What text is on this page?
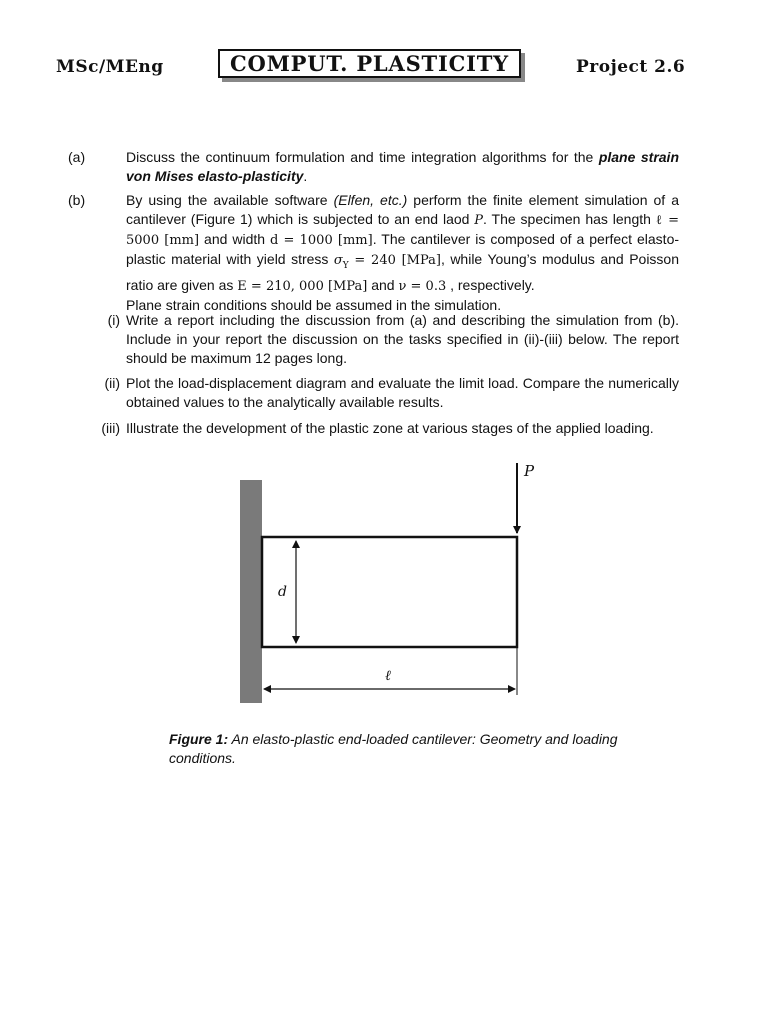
MSc/MEng	COMPUT. PLASTICITY	Project 2.6
(a)	Discuss the continuum formulation and time integration algorithms for the plane strain von Mises elasto-plasticity.
(b)	By using the available software (Elfen, etc.) perform the finite element simulation of a cantilever (Figure 1) which is subjected to an end laod P. The specimen has length ℓ = 5000 [mm] and width d = 1000 [mm]. The cantilever is composed of a perfect elasto-plastic material with yield stress $\sigma_Y = 240$ [MPa], while Young’s modulus and Poisson ratio are given as E = 210, 000 [MPa] and ν = 0.3 , respectively.
Plane strain conditions should be assumed in the simulation.
(i) Write a report including the discussion from (a) and describing the simulation from (b). Include in your report the discussion on the tasks specified in (ii)-(iii) below. The report should be maximum 12 pages long.
(ii) Plot the load-displacement diagram and evaluate the limit load. Compare the numerically obtained values to the analytically available results.
(iii) Illustrate the development of the plastic zone at various stages of the applied loading.
P
d
ℓ
Figure 1: An elasto-plastic end-loaded cantilever: Geometry and loading conditions.
